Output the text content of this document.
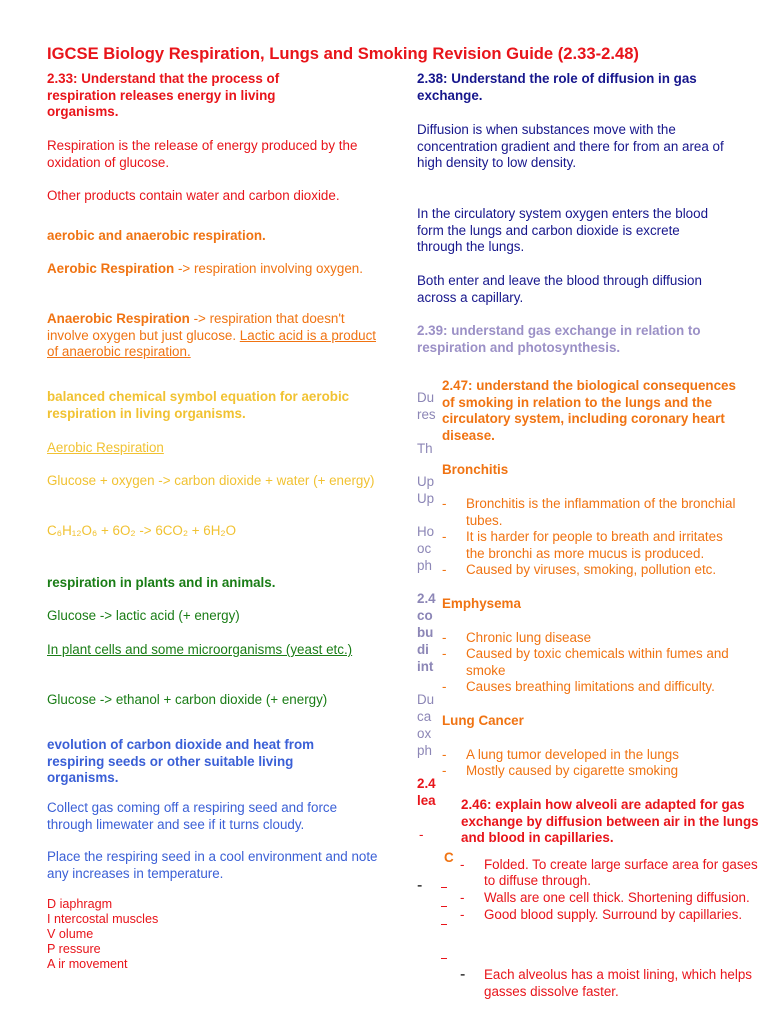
IGCSE Biology Respiration, Lungs and Smoking Revision Guide (2.33-2.48)
2.33: Understand that the process of respiration releases energy in living organisms.
Respiration is the release of energy produced by the oxidation of glucose.
Other products contain water and carbon dioxide.
aerobic and anaerobic respiration.
Aerobic Respiration -> respiration involving oxygen.
Anaerobic Respiration -> respiration that doesn't involve oxygen but just glucose. Lactic acid is a product of anaerobic respiration.
balanced chemical symbol equation for aerobic respiration in living organisms.
Aerobic Respiration
Glucose + oxygen -> carbon dioxide + water (+ energy)
C₆H₁₂O₆ + 6O₂ -> 6CO₂ + 6H₂O
respiration in plants and in animals.
Glucose -> lactic acid (+ energy)
In plant cells and some microorganisms (yeast etc.)
Glucose -> ethanol + carbon dioxide (+ energy)
evolution of carbon dioxide and heat from respiring seeds or other suitable living organisms.
Collect gas coming off a respiring seed and force through limewater and see if it turns cloudy.
Place the respiring seed in a cool environment and note any increases in temperature.
D iaphragm
I ntercostal muscles
V olume
P ressure
A ir movement
2.38: Understand the role of diffusion in gas exchange.
Diffusion is when substances move with the concentration gradient and there for from an area of high density to low density.
In the circulatory system oxygen enters the blood form the lungs and carbon dioxide is excrete through the lungs.
Both enter and leave the blood through diffusion across a capillary.
2.39: understand gas exchange in relation to respiration and photosynthesis.
Du
res
Th
Up
Up
Ho
oc
ph
2.4
co
bu
di
int
Du
ca
ox
ph
2.4
lea
-
C
-
2.47: understand the biological consequences of smoking in relation to the lungs and the circulatory system, including coronary heart disease.
Bronchitis
- Bronchitis is the inflammation of the bronchial tubes.
- It is harder for people to breath and irritates the bronchi as more mucus is produced.
- Caused by viruses, smoking, pollution etc.
Emphysema
- Chronic lung disease
- Caused by toxic chemicals within fumes and smoke
- Causes breathing limitations and difficulty.
Lung Cancer
- A lung tumor developed in the lungs
- Mostly caused by cigarette smoking
2.46: explain how alveoli are adapted for gas exchange by diffusion between air in the lungs and blood in capillaries.
- Folded. To create large surface area for gases to diffuse through.
- Walls are one cell thick. Shortening diffusion.
- Good blood supply. Surround by capillaries.
- Each alveolus has a moist lining, which helps gasses dissolve faster.
